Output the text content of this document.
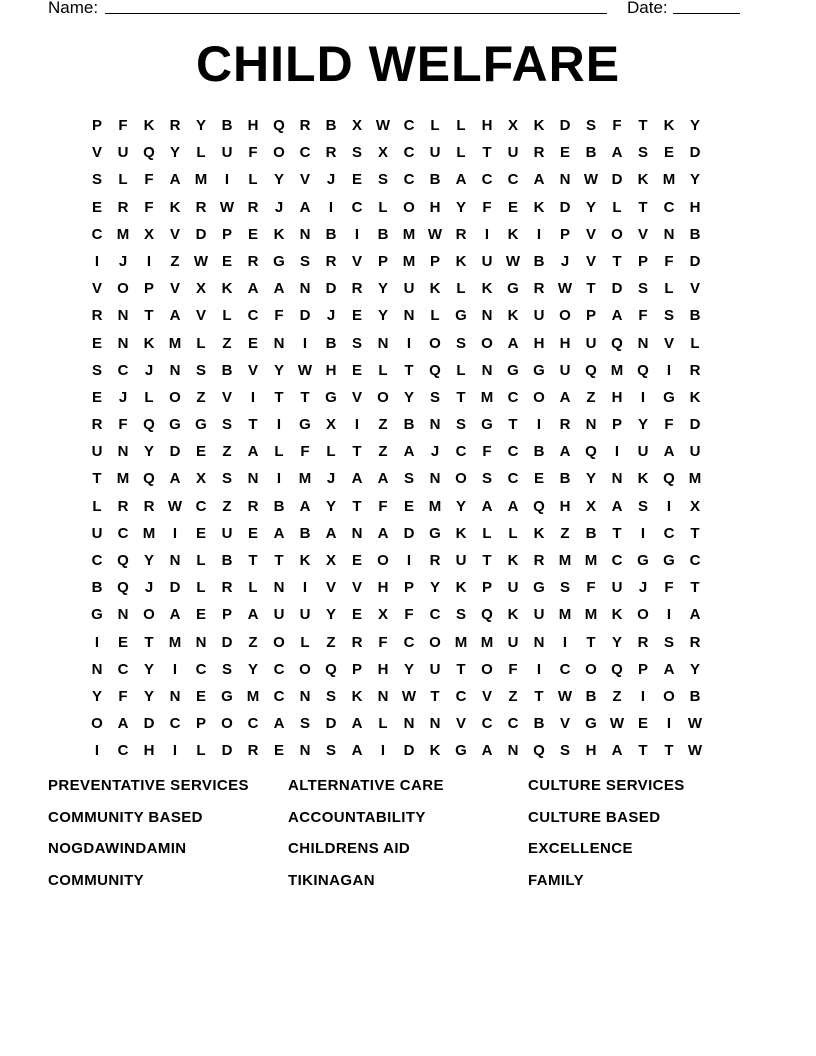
Name:	Date:
CHILD WELFARE
P	F	K	R	Y	B	H Q R	B	X W C	L	L	H	X	K	D	S	F	T	K	Y
V	U Q	Y	L	U	F	O C	R	S	X	C	U	L	T	U	R	E	B	A	S	E	D
S	L	F	A M	I	L	Y	V	J	E	S	C	B	A	C	C	A	N W D	K M Y
E	R	F	K	R W R	J	A	I	C	L	O H	Y	F	E	K	D	Y	L	T	C	H
C M X	V	D	P	E	K	N	B	I	B M W R	I	K	I	P	V	O	V	N	B
I	J	I	Z W E	R G	S	R	V	P M P	K	U W B	J	V	T	P	F	D
V	O	P	V	X	K	A	A	N	D	R	Y	U	K	L	K G R W T	D	S	L	V
R	N	T	A	V	L	C	F	D	J	E	Y	N	L	G N	K	U O	P	A	F	S	B
E	N	K M	L	Z	E	N	I	B	S	N	I	O	S	O A	H	H	U Q N	V	L
S	C	J	N	S	B	V	Y W H	E	L	T	Q	L	N G G U Q M Q	I	R
E	J	L	O	Z	V	I	T	T	G	V	O	Y	S	T	M C O A	Z	H	I	G K
R	F	Q G G	S	T	I	G	X	I	Z	B	N	S	G	T	I	R	N	P	Y	F	D
U	N	Y	D	E	Z	A	L	F	L	T	Z	A	J	C	F	C	B	A Q	I	U	A	U
T	M Q A	X	S	N	I	M	J	A	A	S	N O	S	C	E	B	Y	N	K Q M
L	R	R W C	Z	R	B	A	Y	T	F	E M Y	A	A Q H	X	A	S	I	X
U	C M	I	E	U	E	A	B	A	N	A	D G K	L	L	K	Z	B	T	I	C	T
C Q	Y	N	L	B	T	T	K	X	E	O	I	R	U	T	K	R M M C G G C
B Q	J	D	L	R	L	N	I	V	V	H	P	Y	K	P	U G	S	F	U	J	F	T
G N O A	E	P	A	U	U	Y	E	X	F	C	S	Q K	U M M K O	I	A
I	E	T	M N	D	Z	O	L	Z	R	F	C O M M U	N	I	T	Y	R	S	R
N	C	Y	I	C	S	Y	C O Q	P	H	Y	U	T	O	F	I	C O Q	P	A	Y
Y	F	Y	N	E	G M C	N	S	K	N W T	C	V	Z	T W B	Z	I	O B
O A	D	C	P	O C	A	S	D	A	L	N	N	V	C	C	B	V	G W E	I	W
I	C	H	I	L	D	R	E	N	S	A	I	D	K G A	N Q	S	H	A	T	T W
PREVENTATIVE SERVICES	ALTERNATIVE CARE	CULTURE SERVICES
COMMUNITY BASED	ACCOUNTABILITY	CULTURE BASED
NOGDAWINDAMIN	CHILDRENS AID	EXCELLENCE
COMMUNITY	TIKINAGAN	FAMILY
